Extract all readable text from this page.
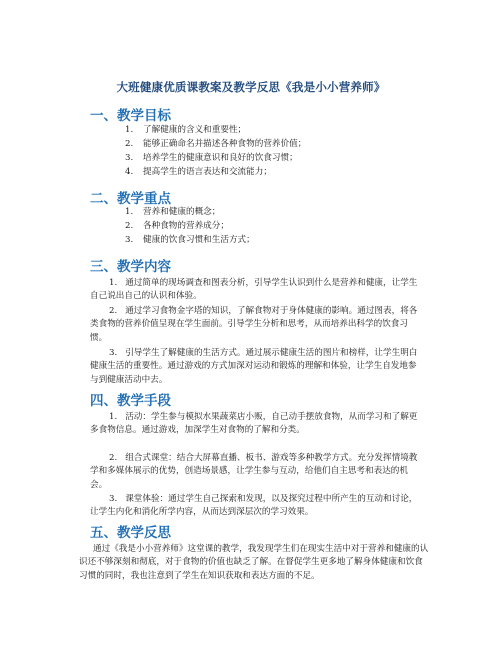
大班健康优质课教案及教学反思《我是小小营养师》
一、教学目标
1.	了解健康的含义和重要性；
2.	能够正确命名并描述各种食物的营养价值；
3.	培养学生的健康意识和良好的饮食习惯；
4.	提高学生的语言表达和交流能力；
二、教学重点
1.	营养和健康的概念；
2.	各种食物的营养成分；
3.	健康的饮食习惯和生活方式；
三、教学内容

1. 通过简单的现场调查和图表分析，引导学生认识到什么是营养和健康，让学生自己说出自己的认识和体验。

2. 通过学习食物金字塔的知识，了解食物对于身体健康的影响。通过图表，将各类食物的营养价值呈现在学生面前。引导学生分析和思考，从而培养出科学的饮食习惯。

3. 引导学生了解健康的生活方式。通过展示健康生活的图片和榜样，让学生明白健康生活的重要性。通过游戏的方式加深对运动和锻炼的理解和体验，让学生自发地参与到健康活动中去。

四、教学手段

1. 活动：学生参与模拟水果蔬菜店小贩，自己动手摆放食物，从而学习和了解更多食物信息。通过游戏，加深学生对食物的了解和分类。

2. 组合式课堂：结合大屏幕直播、板书、游戏等多种教学方式。充分发挥情境教学和多媒体展示的优势，创造场景感，让学生参与互动，给他们自主思考和表达的机会。

3. 课堂体验：通过学生自己探索和发现，以及探究过程中所产生的互动和讨论，让学生内化和消化所学内容，从而达到深层次的学习效果。

五、教学反思

通过《我是小小营养师》这堂课的教学，我发现学生们在现实生活中对于营养和健康的认识还不够深刻和彻底，对于食物的价值也缺乏了解。在督促学生更多地了解身体健康和饮食习惯的同时，我也注意到了学生在知识获取和表达方面的不足。
